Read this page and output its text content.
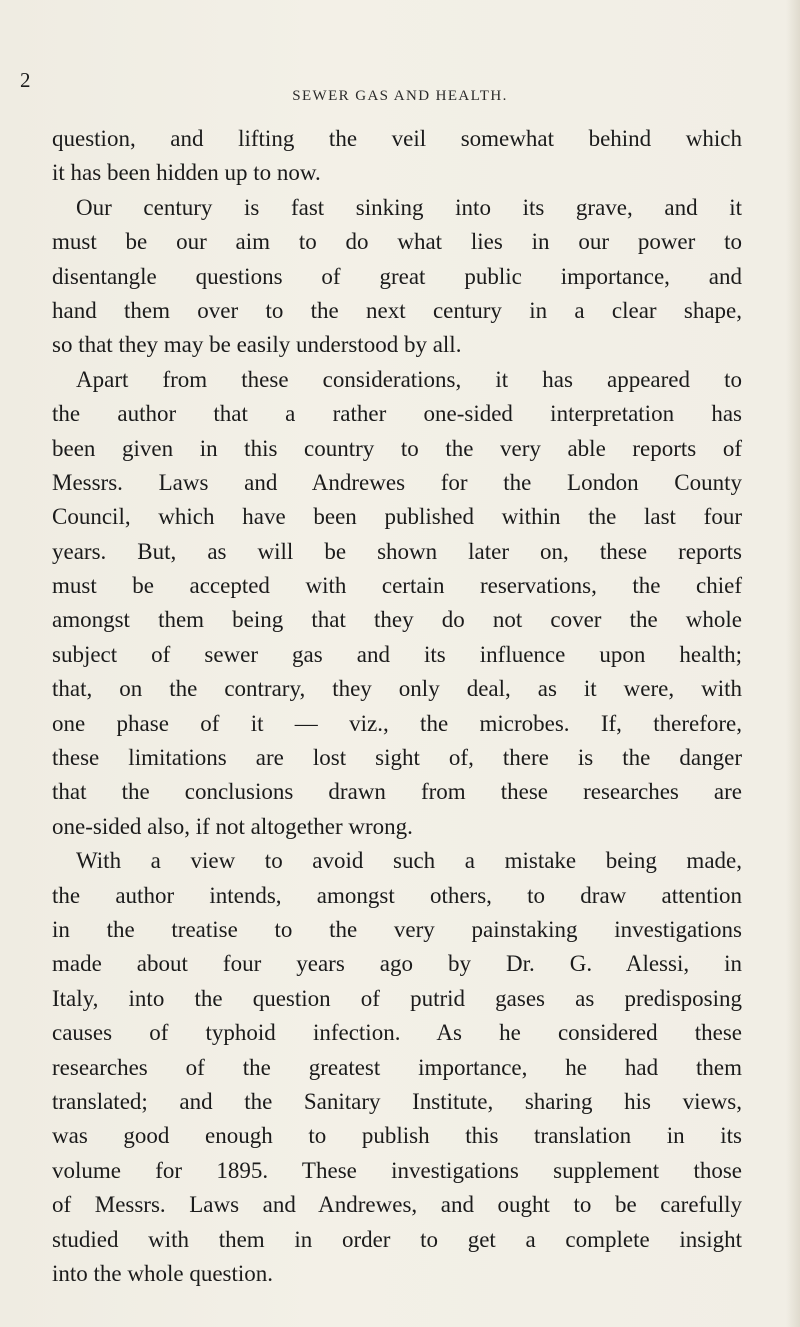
2
SEWER GAS AND HEALTH.
question, and lifting the veil somewhat behind which
it has been hidden up to now.
Our century is fast sinking into its grave, and it
must be our aim to do what lies in our power to
disentangle questions of great public importance, and
hand them over to the next century in a clear shape,
so that they may be easily understood by all.
Apart from these considerations, it has appeared to
the author that a rather one-sided interpretation has
been given in this country to the very able reports of
Messrs. Laws and Andrewes for the London County
Council, which have been published within the last four
years. But, as will be shown later on, these reports
must be accepted with certain reservations, the chief
amongst them being that they do not cover the whole
subject of sewer gas and its influence upon health;
that, on the contrary, they only deal, as it were, with
one phase of it — viz., the microbes. If, therefore,
these limitations are lost sight of, there is the danger
that the conclusions drawn from these researches are
one-sided also, if not altogether wrong.
With a view to avoid such a mistake being made,
the author intends, amongst others, to draw attention
in the treatise to the very painstaking investigations
made about four years ago by Dr. G. Alessi, in
Italy, into the question of putrid gases as predisposing
causes of typhoid infection. As he considered these
researches of the greatest importance, he had them
translated; and the Sanitary Institute, sharing his views,
was good enough to publish this translation in its
volume for 1895. These investigations supplement those
of Messrs. Laws and Andrewes, and ought to be carefully
studied with them in order to get a complete insight
into the whole question.
